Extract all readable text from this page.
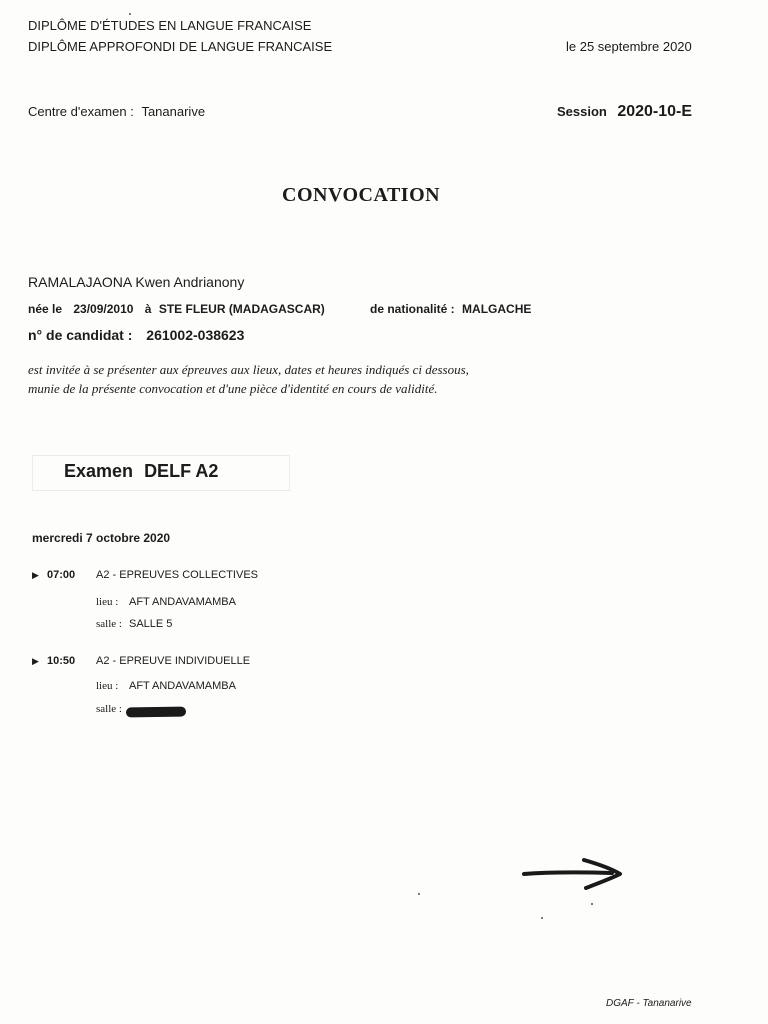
DIPLÔME D'ÉTUDES EN LANGUE FRANCAISE
DIPLÔME APPROFONDI DE LANGUE FRANCAISE	le 25 septembre 2020
Centre d'examen : Tananarive	Session 2020-10-E
CONVOCATION
RAMALAJAONA Kwen Andrianony
née le 23/09/2010 à STE FLEUR (MADAGASCAR)	de nationalité : MALGACHE
n° de candidat : 261002-038623
est invitée à se présenter aux épreuves aux lieux, dates et heures indiqués ci dessous,
munie de la présente convocation et d'une pièce d'identité en cours de validité.
Examen DELF A2
mercredi 7 octobre 2020
▶ 07:00 A2 - EPREUVES COLLECTIVES
lieu : AFT ANDAVAMAMBA
salle : SALLE 5
▶ 10:50 A2 - EPREUVE INDIVIDUELLE
lieu : AFT ANDAVAMAMBA
salle :
DGAF - Tananarive
